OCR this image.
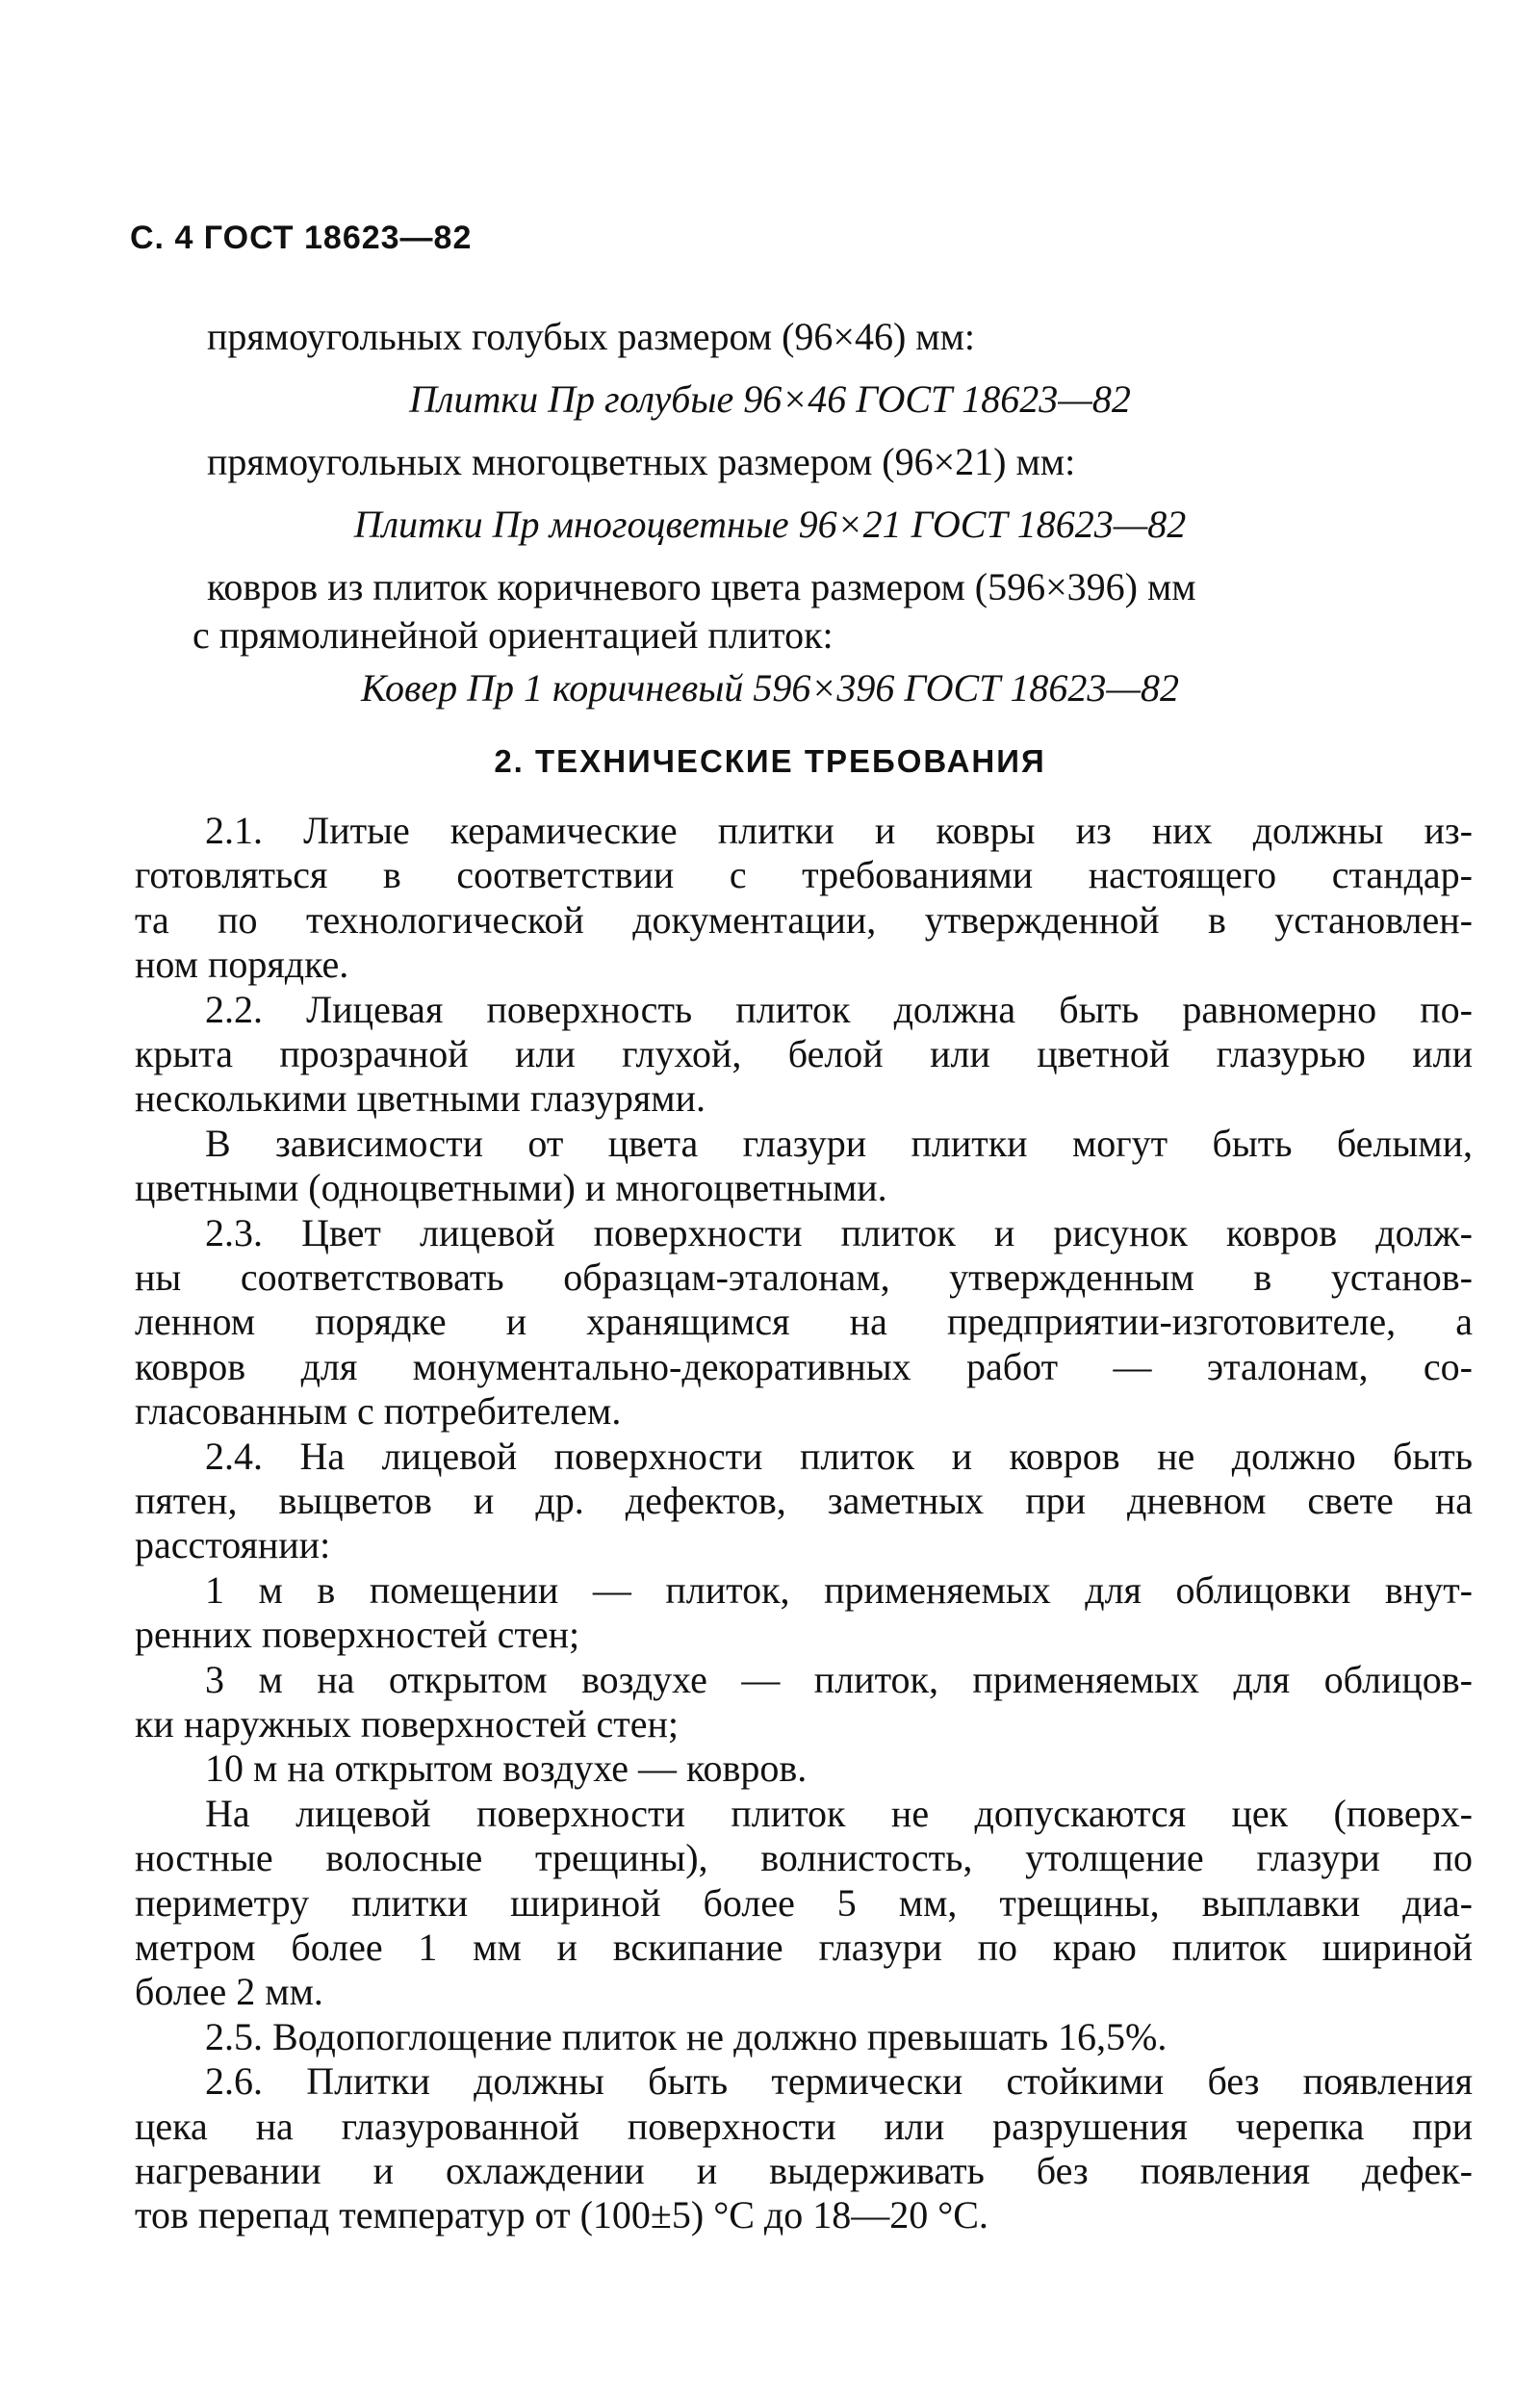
С. 4 ГОСТ 18623—82
прямоугольных голубых размером (96×46) мм:
Плитки Пр голубые 96×46 ГОСТ 18623—82
прямоугольных многоцветных размером (96×21) мм:
Плитки Пр многоцветные 96×21 ГОСТ 18623—82
ковров из плиток коричневого цвета размером (596×396) мм
с прямолинейной ориентацией плиток:
Ковер Пр 1 коричневый 596×396 ГОСТ 18623—82
2. ТЕХНИЧЕСКИЕ ТРЕБОВАНИЯ
2.1. Литые керамические плитки и ковры из них должны из-
готовляться в соответствии с требованиями настоящего стандар-
та по технологической документации, утвержденной в установлен-
ном порядке.
2.2. Лицевая поверхность плиток должна быть равномерно по-
крыта прозрачной или глухой, белой или цветной глазурью или
несколькими цветными глазурями.
В зависимости от цвета глазури плитки могут быть белыми,
цветными (одноцветными) и многоцветными.
2.3. Цвет лицевой поверхности плиток и рисунок ковров долж-
ны соответствовать образцам-эталонам, утвержденным в установ-
ленном порядке и хранящимся на предприятии-изготовителе, а
ковров для монументально-декоративных работ — эталонам, со-
гласованным с потребителем.
2.4. На лицевой поверхности плиток и ковров не должно быть
пятен, выцветов и др. дефектов, заметных при дневном свете на
расстоянии:
1 м в помещении — плиток, применяемых для облицовки внут-
ренних поверхностей стен;
3 м на открытом воздухе — плиток, применяемых для облицов-
ки наружных поверхностей стен;
10 м на открытом воздухе — ковров.
На лицевой поверхности плиток не допускаются цек (поверх-
ностные волосные трещины), волнистость, утолщение глазури по
периметру плитки шириной более 5 мм, трещины, выплавки диа-
метром более 1 мм и вскипание глазури по краю плиток шириной
более 2 мм.
2.5. Водопоглощение плиток не должно превышать 16,5%.
2.6. Плитки должны быть термически стойкими без появления
цека на глазурованной поверхности или разрушения черепка при
нагревании и охлаждении и выдерживать без появления дефек-
тов перепад температур от (100±5) °С до 18—20 °С.
